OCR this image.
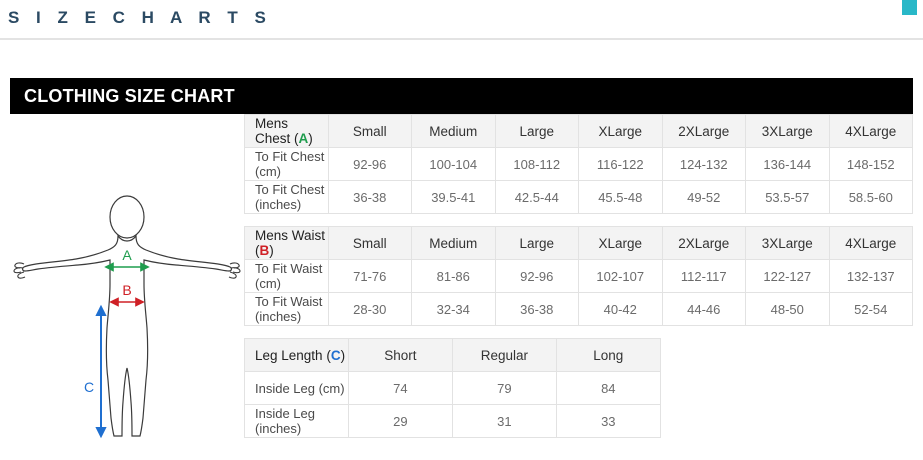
S I Z E C H A R T S
CLOTHING SIZE CHART
A
B
C
Mens Chest (A)	Small	Medium	Large	XLarge	2XLarge	3XLarge	4XLarge
To Fit Chest (cm)	92-96	100-104	108-112	116-122	124-132	136-144	148-152
To Fit Chest (inches)	36-38	39.5-41	42.5-44	45.5-48	49-52	53.5-57	58.5-60
Mens Waist (B)	Small	Medium	Large	XLarge	2XLarge	3XLarge	4XLarge
To Fit Waist (cm)	71-76	81-86	92-96	102-107	112-117	122-127	132-137
To Fit Waist (inches)	28-30	32-34	36-38	40-42	44-46	48-50	52-54
Leg Length (C)	Short	Regular	Long
Inside Leg (cm)	74	79	84
Inside Leg (inches)	29	31	33
